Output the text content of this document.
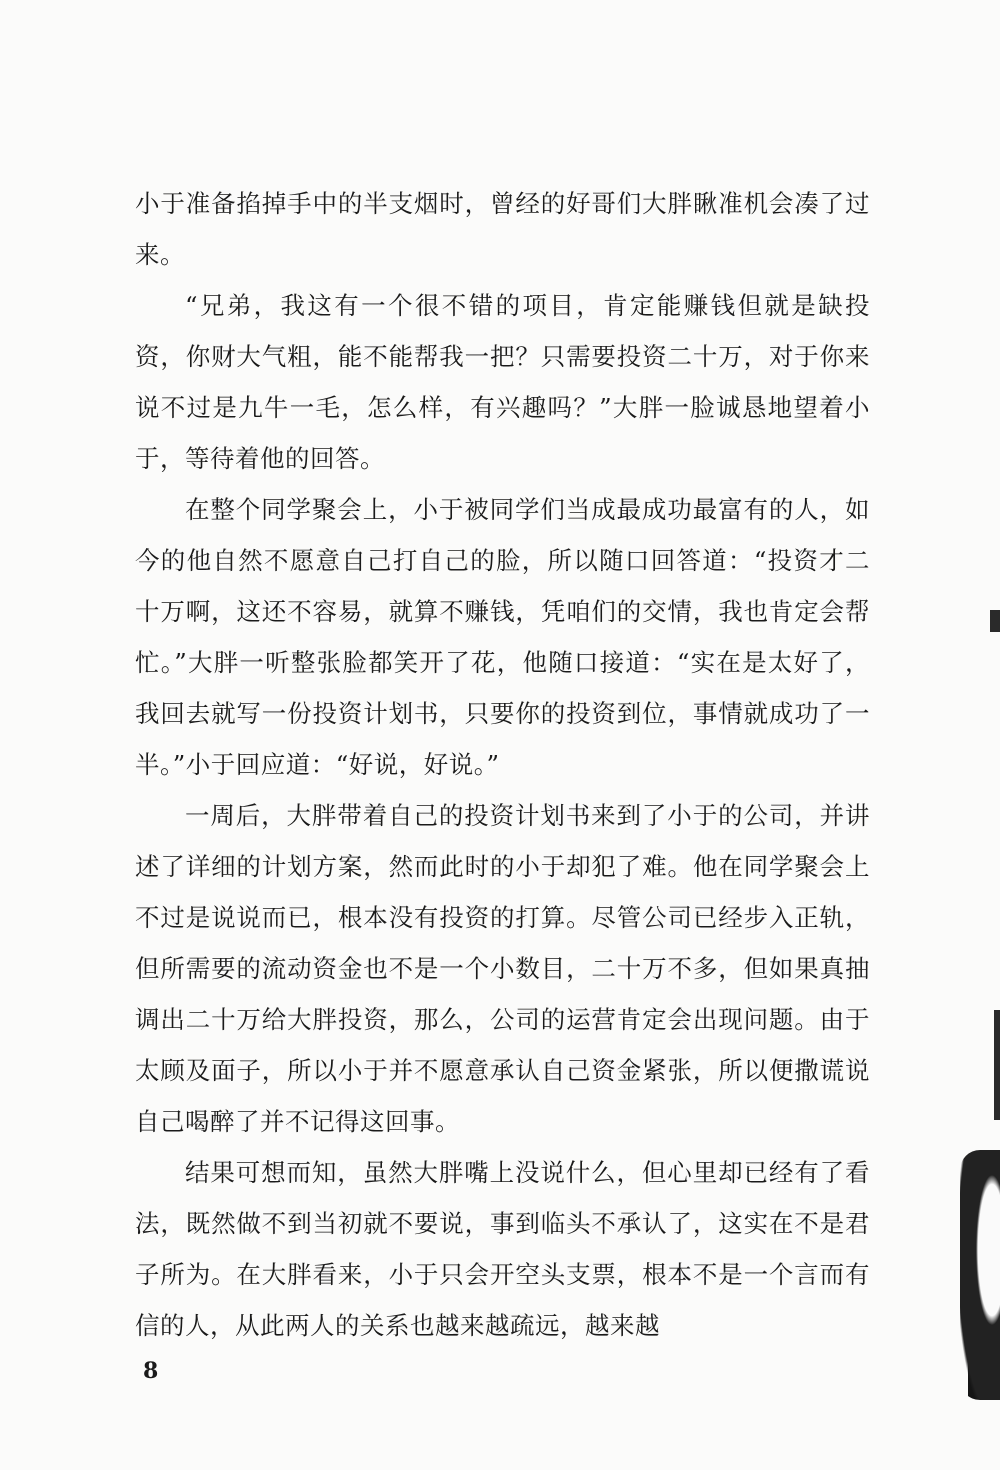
小于准备掐掉手中的半支烟时，曾经的好哥们大胖瞅准机会凑了过来。

“兄弟，我这有一个很不错的项目，肯定能赚钱但就是缺投资，你财大气粗，能不能帮我一把？只需要投资二十万，对于你来说不过是九牛一毛，怎么样，有兴趣吗？”大胖一脸诚恳地望着小于，等待着他的回答。

在整个同学聚会上，小于被同学们当成最成功最富有的人，如今的他自然不愿意自己打自己的脸，所以随口回答道：“投资才二十万啊，这还不容易，就算不赚钱，凭咱们的交情，我也肯定会帮忙。”大胖一听整张脸都笑开了花，他随口接道：“实在是太好了，我回去就写一份投资计划书，只要你的投资到位，事情就成功了一半。”小于回应道：“好说，好说。”

一周后，大胖带着自己的投资计划书来到了小于的公司，并讲述了详细的计划方案，然而此时的小于却犯了难。他在同学聚会上不过是说说而已，根本没有投资的打算。尽管公司已经步入正轨，但所需要的流动资金也不是一个小数目，二十万不多，但如果真抽调出二十万给大胖投资，那么，公司的运营肯定会出现问题。由于太顾及面子，所以小于并不愿意承认自己资金紧张，所以便撒谎说自己喝醉了并不记得这回事。

结果可想而知，虽然大胖嘴上没说什么，但心里却已经有了看法，既然做不到当初就不要说，事到临头不承认了，这实在不是君子所为。在大胖看来，小于只会开空头支票，根本不是一个言而有信的人，从此两人的关系也越来越疏远，越来越

8
